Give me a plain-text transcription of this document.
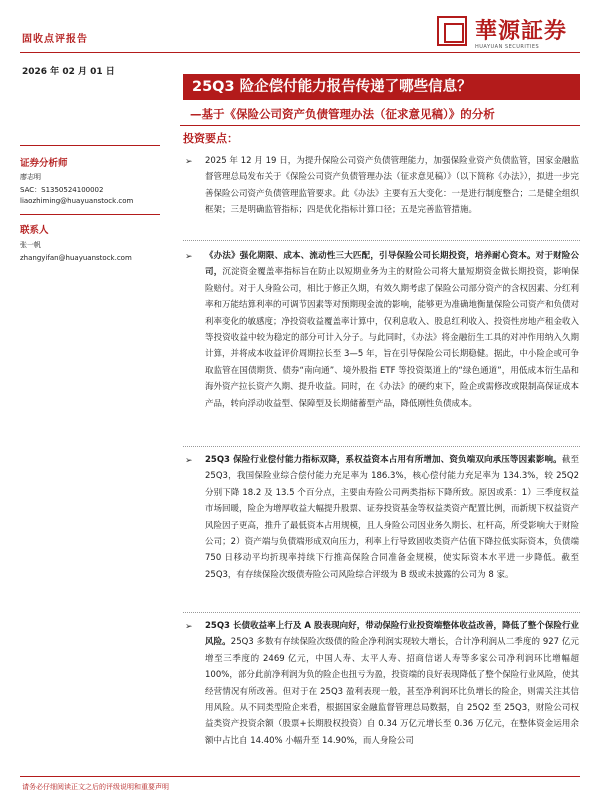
固收点评报告	華源証券
HUAYUAN SECURITIES
2026 年 02 月 01 日
25Q3 险企偿付能力报告传递了哪些信息？
—基于《保险公司资产负债管理办法（征求意见稿）》的分析
投资要点：
证券分析师
廖志明
SAC：S1350524100002
liaozhiming@huayuanstock.com
联系人
张一帆
zhangyifan@huayuanstock.com
➢ 2025 年 12 月 19 日，为提升保险公司资产负债管理能力，加强保险业资产负债监管，国家金融监督管理总局发布关于《保险公司资产负债管理办法（征求意见稿）》（以下简称《办法》），拟进一步完善保险公司资产负债管理监管要求。此《办法》主要有五大变化：一是进行制度整合；二是健全组织框架；三是明确监管指标；四是优化指标计算口径；五是完善监管措施。
➢ 《办法》强化期限、成本、流动性三大匹配，引导保险公司长期投资，培养耐心资本。对于财险公司，沉淀资金覆盖率指标旨在防止以短期业务为主的财险公司将大量短期资金做长期投资，影响保险赔付。对于人身险公司，相比于修正久期，有效久期考虑了保险公司部分资产的含权因素、分红利率和万能结算利率的可调节因素等对预期现金流的影响，能够更为准确地衡量保险公司资产和负债对利率变化的敏感度；净投资收益覆盖率计算中，仅利息收入、股息红利收入、投资性房地产租金收入等投资收益中较为稳定的部分可计入分子。与此同时，《办法》将金融衍生工具的对冲作用纳入久期计算，并将成本收益评价周期拉长至 3—5 年，旨在引导保险公司长期稳健。据此，中小险企或可争取监管在国债期货、债券“南向通”、境外股指 ETF 等投资渠道上的“绿色通道”，用低成本衍生品和海外资产拉长资产久期、提升收益。同时，在《办法》的硬约束下，险企或需修改或限制高保证成本产品，转向浮动收益型、保障型及长期储蓄型产品，降低刚性负债成本。
➢ 25Q3 保险行业偿付能力指标双降，系权益资本占用有所增加、资负端双向承压等因素影响。截至 25Q3，我国保险业综合偿付能力充足率为 186.3%，核心偿付能力充足率为 134.3%，较 25Q2 分别下降 18.2 及 13.5 个百分点，主要由寿险公司两类指标下降所致。原因或系：1）三季度权益市场回暖，险企为增厚收益大幅提升股票、证券投资基金等权益类资产配置比例，而新规下权益资产风险因子更高，推升了最低资本占用规模，且人身险公司因业务久期长、杠杆高，所受影响大于财险公司；2）资产端与负债端形成双向压力，利率上行导致固收类资产估值下降拉低实际资本，负债端 750 日移动平均折现率持续下行推高保险合同准备金规模，使实际资本水平进一步降低。截至 25Q3，有存续保险次级债寿险公司风险综合评级为 B 级或未披露的公司为 8 家。
➢ 25Q3 长债收益率上行及 A 股表现向好，带动保险行业投资端整体收益改善，降低了整个保险行业风险。25Q3 多数有存续保险次级债的险企净利润实现较大增长，合计净利润从二季度的 927 亿元增至三季度的 2469 亿元，中国人寿、太平人寿、招商信诺人寿等多家公司净利润环比增幅超 100%，部分此前净利润为负的险企也扭亏为盈，投资端的良好表现降低了整个保险行业风险，使其经营情况有所改善。但对于在 25Q3 盈利表现一般，甚至净利润环比负增长的险企，则需关注其信用风险。从不同类型险企来看，根据国家金融监督管理总局数据，自 25Q2 至 25Q3，财险公司权益类资产投资余额（股票+长期股权投资）自 0.34 万亿元增长至 0.36 万亿元，在整体资金运用余额中占比自 14.40% 小幅升至 14.90%，而人身险公司
请务必仔细阅读正文之后的评级说明和重要声明
